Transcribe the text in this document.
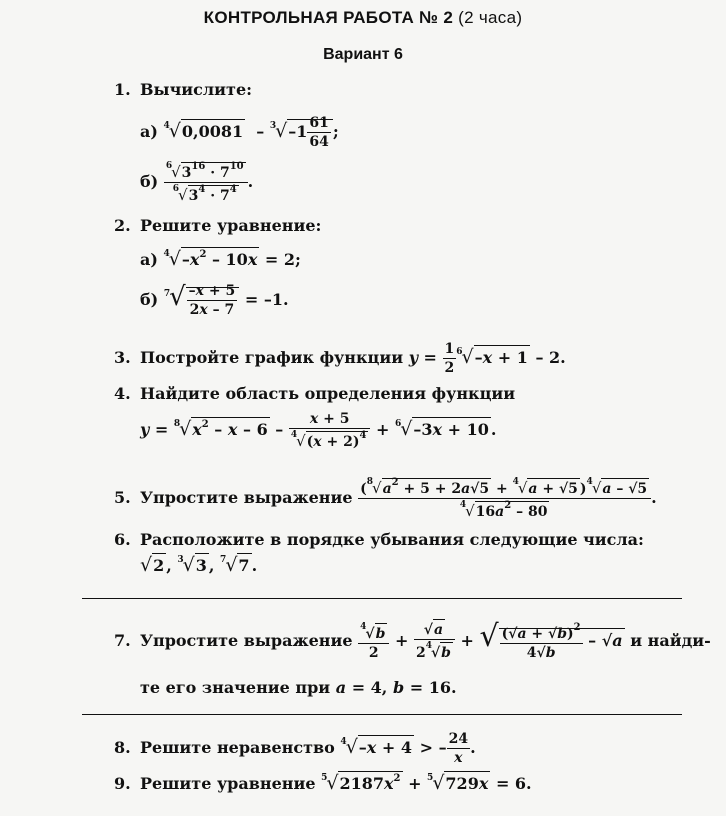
КОНТРОЛЬНАЯ РАБОТА № 2 (2 часа)
Вариант 6
1. Вычислите:
а) $^4√0,0081 - ^3√-1 \frac{61}{64}$ ;
$б) \frac{^6√3^{16} \cdot 7^{10}}{^6√3^4 \cdot 7^4}$ .
2. Решите уравнение:
а) $^4√-x^2 - 10x = 2$;
б) $^7√ \frac{-x + 5}{2x - 7} = -1$.
3. Постройте график функции $y = \frac{1}{2} ^6√-x + 1 - 2$.
4. Найдите область определения функции
$y = ^8√x^2 - x - 6 - \frac{x + 5}{^4√(x + 2)^4} + ^6√-3x + 10$ .
5. Упростите выражение $\frac{(^8√a^2 + 5 + 2a√5 + ^4√a + √5 )^4√a - √5}{^4√16a^2 - 80}$ .
6. Расположите в порядке убывания следующие числа:
√2 , $^3$√3 , $^7$√7 .
7. Упростите выражение $\frac{^4√b}{2} + \frac{√a}{2^4√b}$ + √ $\frac{(√a + √b)^2}{4√b} - √a$ и найди-
те его значение при a = 4, b = 16.
8. Решите неравенство $^4$√–x + 4 > – $\frac{24}{x}$ .
9. Решите уравнение $^5√2187x^2 + ^5√729x = 6$.
